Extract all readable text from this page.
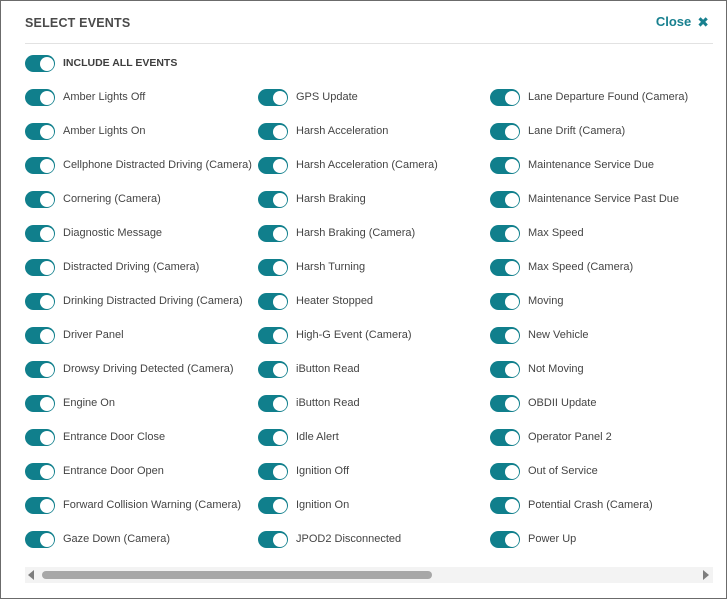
SELECT EVENTS	Close ✖
INCLUDE ALL EVENTS
Amber Lights Off
Amber Lights On
Cellphone Distracted Driving (Camera)
Cornering (Camera)
Diagnostic Message
Distracted Driving (Camera)
Drinking Distracted Driving (Camera)
Driver Panel
Drowsy Driving Detected (Camera)
Engine On
Entrance Door Close
Entrance Door Open
Forward Collision Warning (Camera)
Gaze Down (Camera)
GPS Update
Harsh Acceleration
Harsh Acceleration (Camera)
Harsh Braking
Harsh Braking (Camera)
Harsh Turning
Heater Stopped
High-G Event (Camera)
iButton Read
iButton Read
Idle Alert
Ignition Off
Ignition On
JPOD2 Disconnected
Lane Departure Found (Camera)
Lane Drift (Camera)
Maintenance Service Due
Maintenance Service Past Due
Max Speed
Max Speed (Camera)
Moving
New Vehicle
Not Moving
OBDII Update
Operator Panel 2
Out of Service
Potential Crash (Camera)
Power Up
